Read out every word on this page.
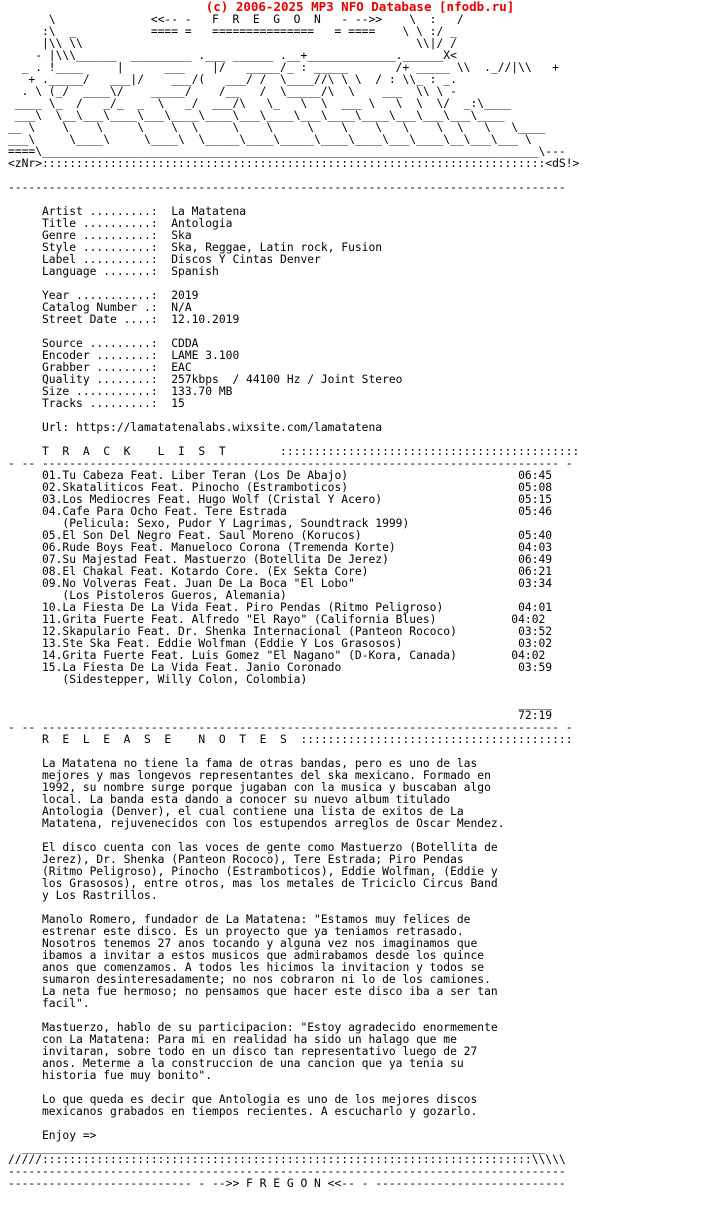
(c) 2006-2025 MP3 NFO Database [nfodb.ru]
\              <<-- -   F  R  E  G  O  N   - -->>    \  :   /
:\  _           ==== =   ===============   = ====    \ \ :/ _
|\\ \\                                                 \\|/ /
- |\\\______  _________ .___ ______ .__+_____________.______X<
_ . !____     |      ___    |/   _____/_ : _____       /+ _____ \\  ._//|\\   +
+ ._____/   ___|/    ___/(   ___/ /  \____//\ \ \  / : \\_ : _.
. \ (_/  ____\/    _____/    /__   /  \_____/\  \    ___  \\ \ -
____ \_  /   _/_  _  \   _/  ___/\   \_   \  \  ___ \   \  \  \/  _:\____
___\  \__\___\____\___\____\____\___\____\___\____\____\___\___\___\____
__ \    \    \     \    \  \     \    \     \    \    \   \    \  \   \   \____
___\     \____\     \____\  \_____\____\_____\____\____\___\____\__\___\___ \
====\_________________________________________________________________________\---
<zNr>::::::::::::::::::::::::::::::::::::::::::::::::::::::::::::::::::::::::::<dS!>
----------------------------------------------------------------------------------
Artist .........:  La Matatena
Title ..........:  Antologia
Genre ..........:  Ska
Style ..........:  Ska, Reggae, Latin rock, Fusion
Label ..........:  Discos Y Cintas Denver
Language .......:  Spanish
Year ...........:  2019
Catalog Number .:  N/A
Street Date ....:  12.10.2019
Source .........:  CDDA
Encoder ........:  LAME 3.100
Grabber ........:  EAC
Quality ........:  257kbps  / 44100 Hz / Joint Stereo
Size ...........:  133.70 MB
Tracks .........:  15
Url: https://lamatatenalabs.wixsite.com/lamatatena
T  R  A  C  K    L  I  S  T        ::::::::::::::::::::::::::::::::::::::::::::
- -- ---------------------------------------------------------------------------- -
01.Tu Cabeza Feat. Liber Teran (Los De Abajo)                         06:45
02.Skataliticos Feat. Pinocho (Estramboticos)                         05:08
03.Los Mediocres Feat. Hugo Wolf (Cristal Y Acero)                    05:15
04.Cafe Para Ocho Feat. Tere Estrada                                  05:46
(Pelicula: Sexo, Pudor Y Lagrimas, Soundtrack 1999)
05.El Son Del Negro Feat. Saul Moreno (Korucos)                       05:40
06.Rude Boys Feat. Manueloco Corona (Tremenda Korte)                  04:03
07.Su Majestad Feat. Mastuerzo (Botellita De Jerez)                   06:49
08.El Chakal Feat. Kotardo Core. (Ex Sekta Core)                      06:21
09.No Volveras Feat. Juan De La Boca "El Lobo"                        03:34
(Los Pistoleros Gueros, Alemania)
10.La Fiesta De La Vida Feat. Piro Pendas (Ritmo Peligroso)           04:01
11.Grita Fuerte Feat. Alfredo "El Rayo" (California Blues)           04:02
12.Skapulario Feat. Dr. Shenka Internacional (Panteon Rococo)         03:52
13.Ste Ska Feat. Eddie Wolfman (Eddie Y Los Grasosos)                 03:02
14.Grita Fuerte Feat. Luis Gomez "El Nagano" (D-Kora, Canada)        04:02
15.La Fiesta De La Vida Feat. Janio Coronado                          03:59
(Sidestepper, Willy Colon, Colombia)
_____
72:19
- -- ---------------------------------------------------------------------------- -
R  E  L  E  A  S  E    N  O  T  E  S  ::::::::::::::::::::::::::::::::::::::::
La Matatena no tiene la fama de otras bandas, pero es uno de las
mejores y mas longevos representantes del ska mexicano. Formado en
1992, su nombre surge porque jugaban con la musica y buscaban algo
local. La banda esta dando a conocer su nuevo album titulado
Antologia (Denver), el cual contiene una lista de exitos de La
Matatena, rejuvenecidos con los estupendos arreglos de Oscar Mendez.
El disco cuenta con las voces de gente como Mastuerzo (Botellita de
Jerez), Dr. Shenka (Panteon Rococo), Tere Estrada; Piro Pendas
(Ritmo Peligroso), Pinocho (Estramboticos), Eddie Wolfman, (Eddie y
los Grasosos), entre otros, mas los metales de Triciclo Circus Band
y Los Rastrillos.
Manolo Romero, fundador de La Matatena: "Estamos muy felices de
estrenar este disco. Es un proyecto que ya teniamos retrasado.
Nosotros tenemos 27 anos tocando y alguna vez nos imaginamos que
ibamos a invitar a estos musicos que admirabamos desde los quince
anos que comenzamos. A todos les hicimos la invitacion y todos se
sumaron desinteresadamente; no nos cobraron ni lo de los camiones.
La neta fue hermoso; no pensamos que hacer este disco iba a ser tan
facil".
Mastuerzo, hablo de su participacion: "Estoy agradecido enormemente
con La Matatena: Para mi en realidad ha sido un halago que me
invitaran, sobre todo en un disco tan representativo luego de 27
anos. Meterme a la construccion de una cancion que ya tenia su
historia fue muy bonito".
Lo que queda es decir que Antologia es uno de los mejores discos
mexicanos grabados en tiempos recientes. A escucharlo y gozarlo.
Enjoy =>
_____________________________________________________________________________
/////::::::::::::::::::::::::::::::::::::::::::::::::::::::::::::::::::::::::\\\\\
----------------------------------------------------------------------------------
--------------------------- - -->> F R E G O N <<-- - ----------------------------
